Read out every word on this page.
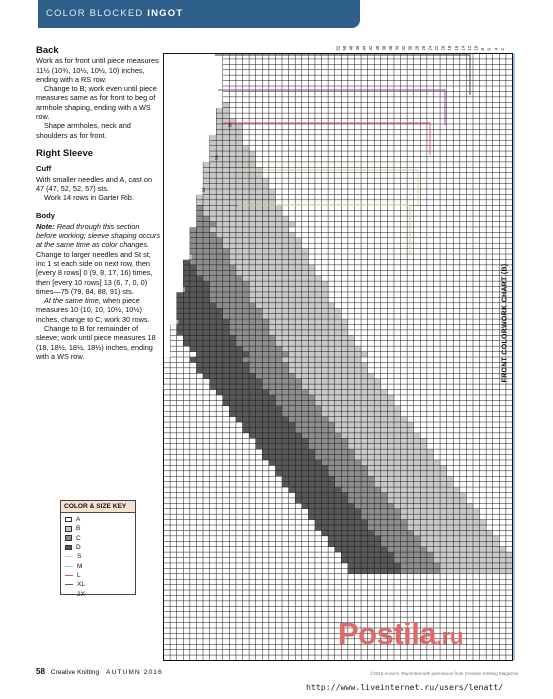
COLOR BLOCKED INGOT
Back

Work as for front until piece measures 11½ (10¾, 10½, 10½, 10) inches, ending with a RS row.

Change to B; work even until piece measures same as for front to beg of armhole shaping, ending with a WS row.

Shape armholes, neck and shoulders as for front.

Right Sleeve
Cuff

With smaller needles and A, cast on 47 (47, 52, 52, 57) sts.

Work 14 rows in Garter Rib.

Body

Note: Read through this section before working; sleeve shaping occurs at the same time as color changes.

Change to larger needles and St st; inc 1 st each side on next row, then [every 8 rows] 0 (9, 8, 17, 16) times, then [every 10 rows] 13 (6, 7, 0, 0) times—75 (79, 84, 88, 91) sts.

At the same time, when piece measures 10 (10, 10, 10½, 10½) inches, change to C; work 30 rows.

Change to B for remainder of sleeve; work until piece measures 18 (18, 18½, 18½, 18½) inches, ending with a WS row.

COLOR & SIZE KEY
A
B
C
D
S
M
L
XL
2X
52 50 48 46 44 42 40 38 36 34 32 30 28 26 24 22 20 18 16 14 12 10 8 6 4 2
52
50
48
46
44
54
56
58
FRONT COLORWORK CHART (B)
Postila.ru
©2016 Annie's. Reprinted with permission from Creative Knitting Magazine
58 Creative Knitting AUTUMN 2016
http://www.liveinternet.ru/users/lenatt/
